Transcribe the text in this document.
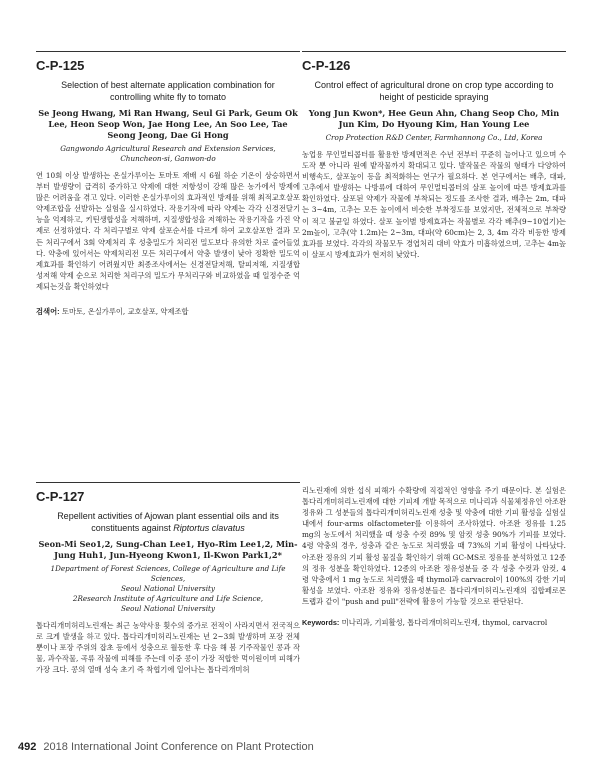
C-P-125
Selection of best alternate application combination for controlling white fly to tomato
Se Jeong Hwang, Mi Ran Hwang, Seul Gi Park, Geum Ok Lee, Heon Seop Won, Jae Hong Lee, An Soo Lee, Tae Seong Jeong, Dae Gi Hong
Gangwondo Agricultural Research and Extension Services,
Chuncheon-si, Ganwon-do

연 10회 이상 발생하는 온실가루이는 토마토 재배 시 6월 하순 기온이 상승하면서부터 발생량이 급격히 증가하고 약제에 대한 저항성이 강해 많은 농가에서 방제에 많은 어려움을 겪고 있다. 이러한 온실가루이의 효과적인 방제를 위해 최적교호살포 약제조합을 선발하는 실험을 실시하였다. 작용기작에 따라 약제는 각각 신경전달기능을 억제하고, 키틴생합성을 저해하며, 지질생합성을 저해하는 작용기작을 가진 약제로 선정하였다. 각 처리구별로 약제 살포순서를 다르게 하여 교호살포한 결과 모든 처리구에서 3회 약제처리 후 성충밀도가 처리전 밀도보다 유의한 차로 줄어들었다. 약충에 있어서는 약제처리전 모든 처리구에서 약충 발생이 낮아 정확한 밀도억제효과를 확인하기 어려웠지만 최종조사에서는 신경전달저해, 탈피저해, 지질생합성저해 약제 순으로 처리한 처리구의 밀도가 무처리구와 비교하였을 때 일정수준 억제되는것을 확인하였다

검색어: 토마토, 온실가루이, 교호살포, 약제조합

C-P-126
Control effect of agricultural drone on crop type according to height of pesticide spraying
Yong Jun Kwon*, Hee Geun Ahn, Chang Seop Cho, Min Jun Kim, Do Hyoung Kim, Han Young Lee
Crop Protection R&D Center, Farmhannong Co., Ltd, Korea

농업용 무인멀티콥터를 활용한 방제면적은 수년 전부터 꾸준히 늘어나고 있으며 수도작 뿐 아니라 원예 밭작물까지 확대되고 있다. 발작물은 작물의 형태가 다양하여 비행속도, 살포높이 등을 최적화하는 연구가 필요하다. 본 연구에서는 배추, 대파, 고추에서 발생하는 나방류에 대하여 무인멀티콥터의 살포 높이에 따른 방제효과를 확인하였다. 살포된 약제가 작물에 부착되는 정도를 조사한 결과, 배추는 2m, 대파는 3~4m, 고추는 모든 높이에서 비슷한 부착정도를 보였지만, 전체적으로 부착량이 적고 불균일 하였다. 살포 높이별 방제효과는 작물별로 각각 배추(9~10엽기)는 2m높이, 고추(약 1.2m)는 2~3m, 대파(약 60cm)는 2, 3, 4m 각각 비등한 방제효과를 보였다. 각각의 작물모두 경엽처리 대비 약효가 미흡하였으며, 고추는 4m높이 살포시 방제효과가 현저히 낮았다.

C-P-127
Repellent activities of Ajowan plant essential oils and its constituents against Riptortus clavatus
Seon-Mi Seo1,2, Sung-Chan Lee1, Hyo-Rim Lee1,2, Min-Jung Huh1, Jun-Hyeong Kwon1, Il-Kwon Park1,2*
1Department of Forest Sciences, College of Agriculture and Life Sciences,
Seoul National University
2Research Institute of Agriculture and Life Science,
Seoul National University

톱다리개미허리노린재는 최근 농약사용 횟수의 증가로 전적이 사라지면서 전국적으로 크게 발생을 하고 있다. 톱다리개미허리노린재는 년 2~3회 발생하며 포장 전체뿐이나 포장 주위의 잡초 등에서 성충으로 월동한 후 다음 해 봄 기주작물인 콩과 작물, 과수작물, 곡류 작물에 피해를 주는데 이중 콩이 가장 적합한 먹이원이며 피해가 가장 크다. 콩의 열매 성숙 초기 즉 착협기에 일어나는 톱다리개미허

리노린재에 의한 섭식 피해가 수확량에 직접적인 영향을 주기 때문이다. 본 실험은 톱다리개미허리노린재에 대한 기피제 개발 목적으로 미나리과 식물체정유인 아조완 정유와 그 성분들의 톱다리개미허리노린재 성충 및 약충에 대한 기피 활성을 실험실내에서 four-arms olfactometer를 이용하여 조사하였다. 아조완 정유를 1.25 mg의 농도에서 처리했을 때 성충 수컷 89% 및 암컷 성충 90%가 기피를 보였다. 4령 약충의 경우, 성충과 같은 농도로 처리했을 때 73%의 기피 활성이 나타났다. 아조완 정유의 기피 활성 물질을 확인하기 위해 GC-MS로 정유를 분석하였고 12종의 정유 성분을 확인하였다. 12종의 아조완 정유성분들 중 각 성충 수컷과 암컷, 4령 약충에서 1 mg 농도로 처리했을 때 thymol과 carvacrol이 100%의 강한 기피 활성을 보였다. 아조완 정유와 정유성분들은 톱다리개미허리노린재의 집합페로몬 트랩과 같이 "push and pull"전략에 활용이 가능할 것으로 판단된다.

Keywords: 미나리과, 기피활성, 톱다리개미허리노린재, thymol, carvacrol

492 2018 International Joint Conference on Plant Protection
